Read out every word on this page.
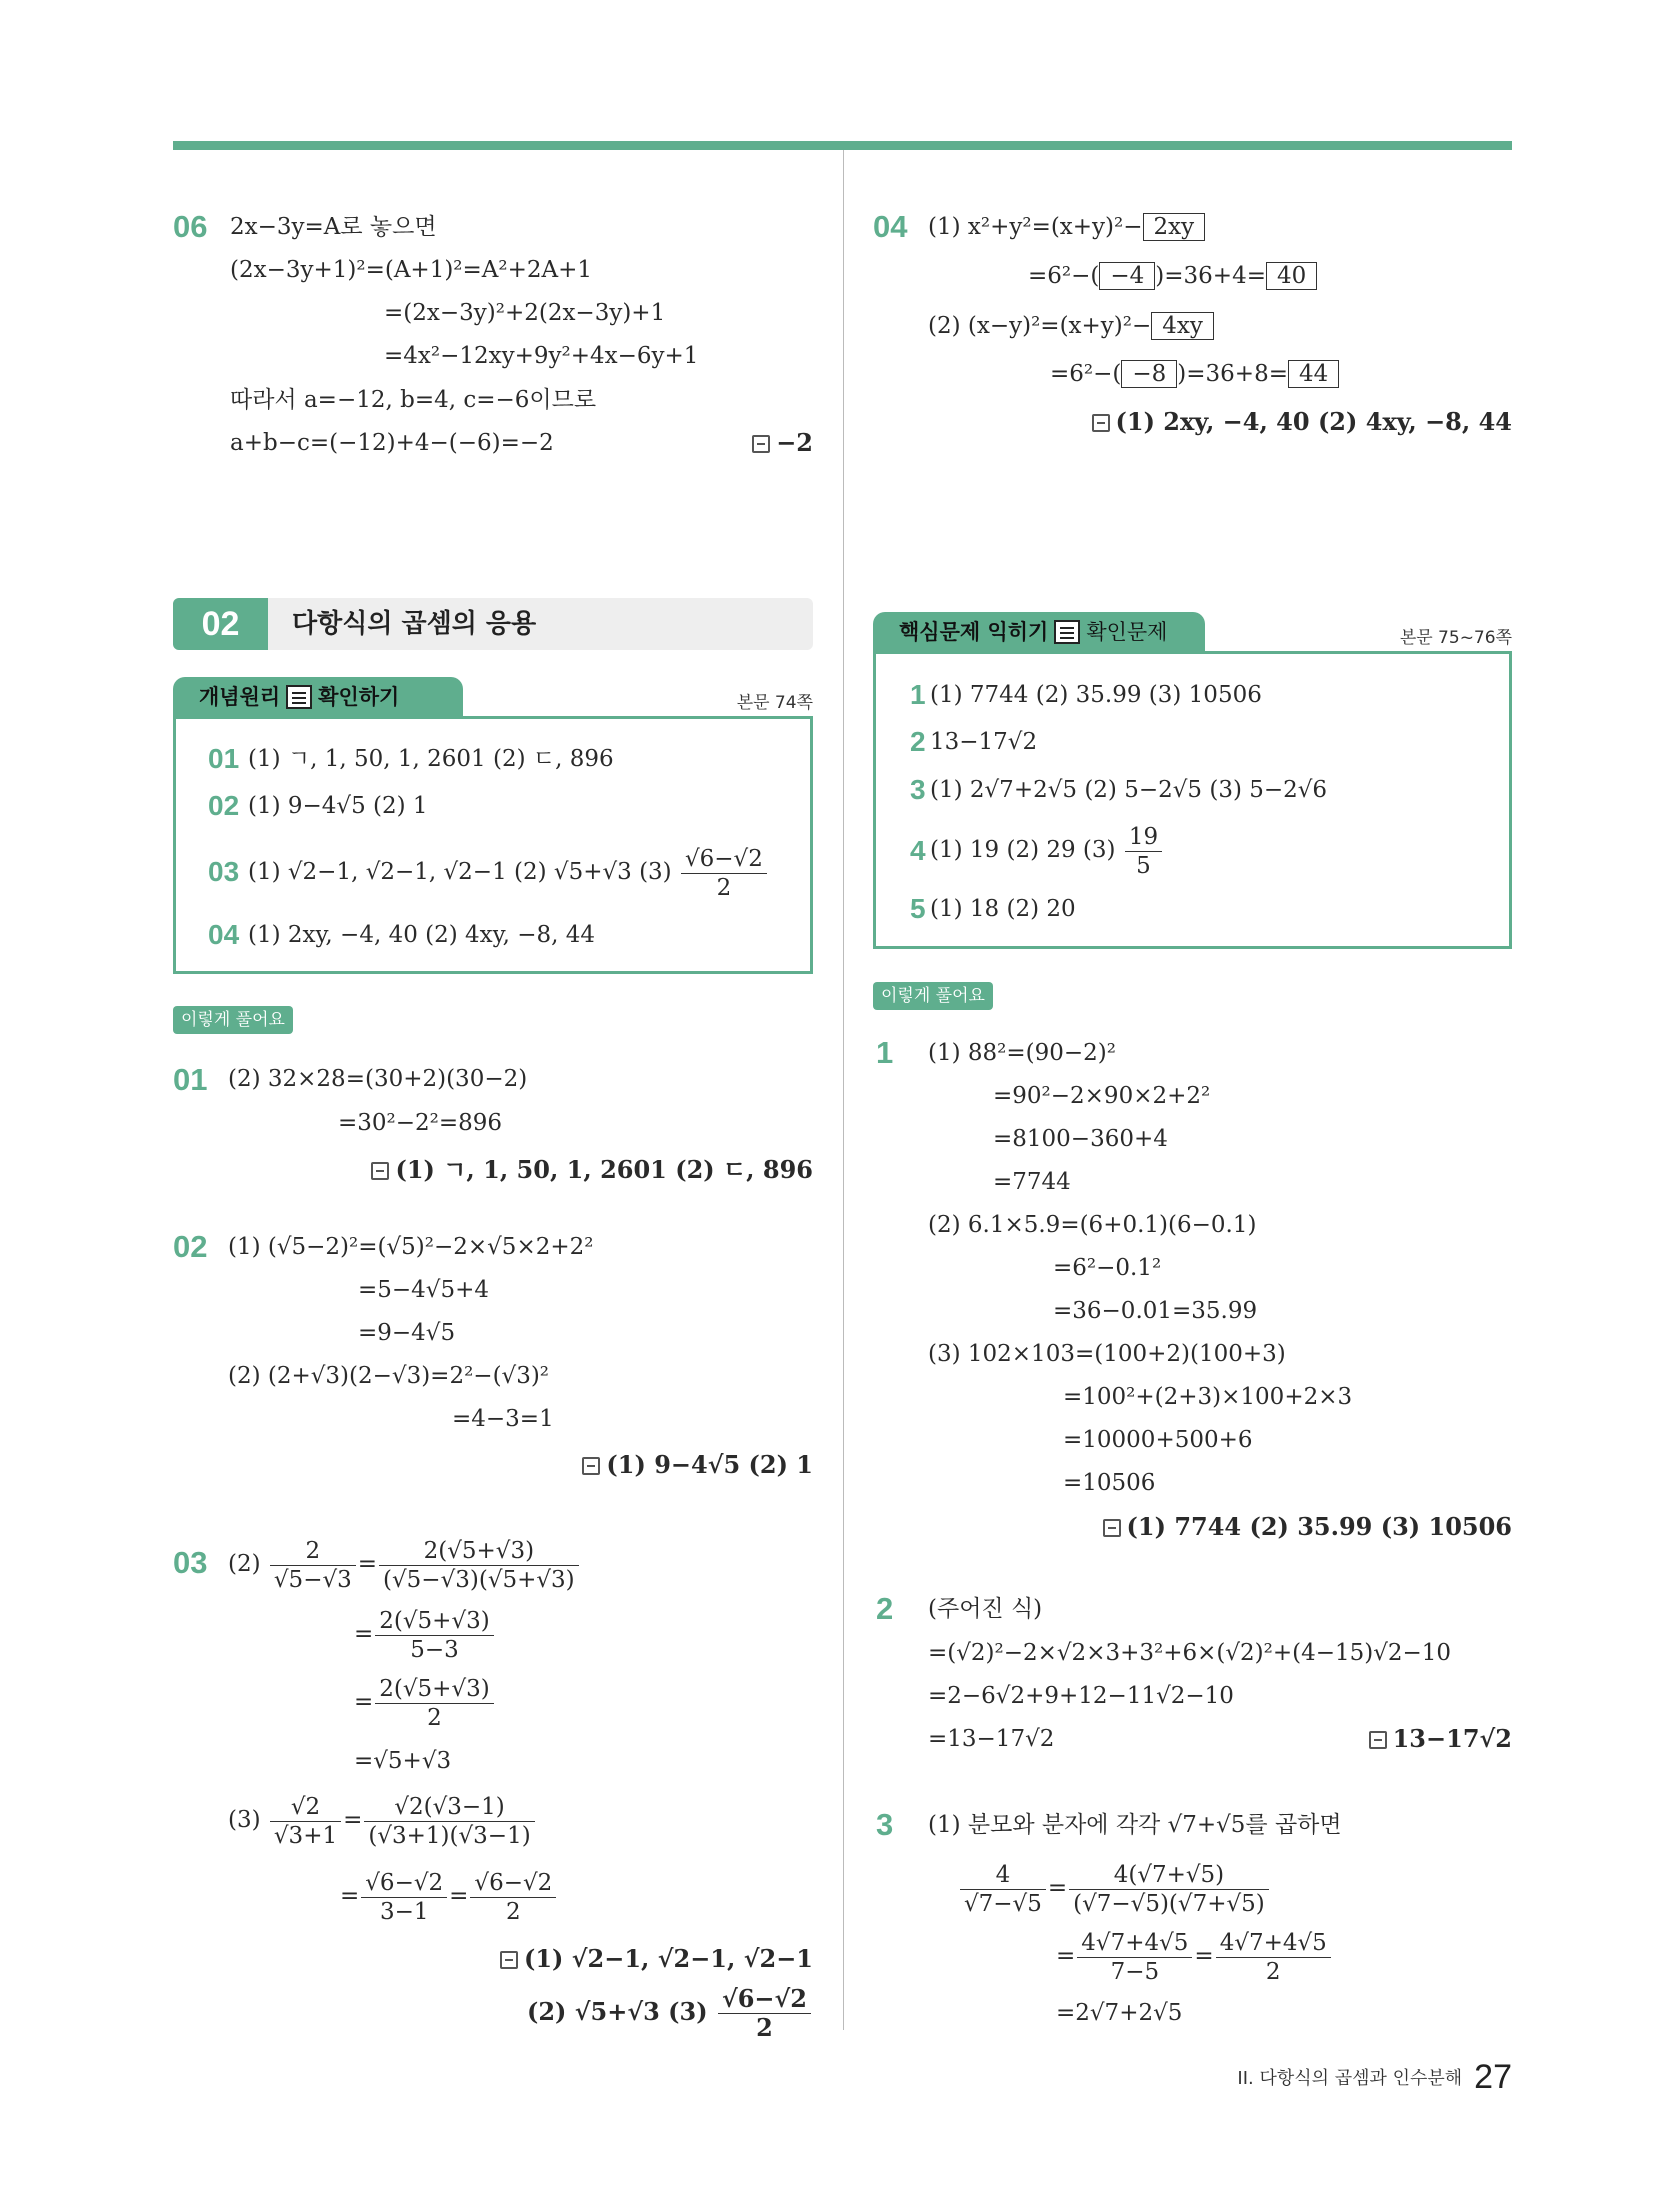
06 2x−3y=A로 놓으면
(2x−3y+1)²=(A+1)²=A²+2A+1
=(2x−3y)²+2(2x−3y)+1
=4x²−12xy+9y²+4x−6y+1
따라서 a=−12, b=4, c=−6이므로
a+b−c=(−12)+4−(−6)=−2	−2
02	다항식의 곱셈의 응용
개념원리 확인하기	본문 74쪽
01 (1) ㄱ, 1, 50, 1, 2601 (2) ㄷ, 896
02 (1) 9−4√5 (2) 1
03 (1) √2−1, √2−1, √2−1 (2) √5+√3 $(3) \frac{√6-√2}{2}$
04 (1) 2xy, −4, 40 (2) 4xy, −8, 44
이렇게 풀어요
01 (2) 32×28=(30+2)(30−2)
=30²−2²=896
(1) ㄱ, 1, 50, 1, 2601 (2) ㄷ, 896
02 (1) (√5−2)²=(√5)²−2×√5×2+2²
=5−4√5+4
=9−4√5
(2) (2+√3)(2−√3)=2²−(√3)²
=4−3=1
(1) 9−4√5 (2) 1
03 $(2) \frac{2}{√5-√3} = \frac{2(√5+√3)}{(√5-√3)(√5+√3)}$
= $\frac{2(√5+√3)}{5-3}$
= $\frac{2(√5+√3)}{2}$
=√5+√3
$(3) \frac{√2}{√3+1} = \frac{√2(√3-1)}{(√3+1)(√3-1)}$
= $\frac{√6-√2}{3-1} = \frac{√6-√2}{2}$
(1) √2−1, √2−1, √2−1
(2) √5+√3 $(3) \frac{√6-√2}{2}$
04 (1) x²+y²=(x+y)²− 2xy
=6²−( −4 )=36+4= 40
(2) (x−y)²=(x+y)²− 4xy
=6²−( −8 )=36+8= 44
(1) 2xy, −4, 40 (2) 4xy, −8, 44
핵심문제 익히기 확인문제	본문 75~76쪽
1 (1) 7744 (2) 35.99 (3) 10506
2 13−17√2
3 (1) 2√7+2√5 (2) 5−2√5 (3) 5−2√6
4 (1) 19 (2) 29 $(3) \frac{19}{5}$
5 (1) 18 (2) 20
이렇게 풀어요
1 (1) 88²=(90−2)²
=90²−2×90×2+2²
=8100−360+4
=7744
(2) 6.1×5.9=(6+0.1)(6−0.1)
=6²−0.1²
=36−0.01=35.99
(3) 102×103=(100+2)(100+3)
=100²+(2+3)×100+2×3
=10000+500+6
=10506
(1) 7744 (2) 35.99 (3) 10506
2 (주어진 식)
=(√2)²−2×√2×3+3²+6×(√2)²+(4−15)√2−10
=2−6√2+9+12−11√2−10
=13−17√2	13−17√2
3 (1) 분모와 분자에 각각 √7+√5를 곱하면
$\frac{4}{√7-√5} = \frac{4(√7+√5)}{(√7-√5)(√7+√5)}$
= $\frac{4√7+4√5}{7-5} = \frac{4√7+4√5}{2}$
=2√7+2√5
II. 다항식의 곱셈과 인수분해 27
